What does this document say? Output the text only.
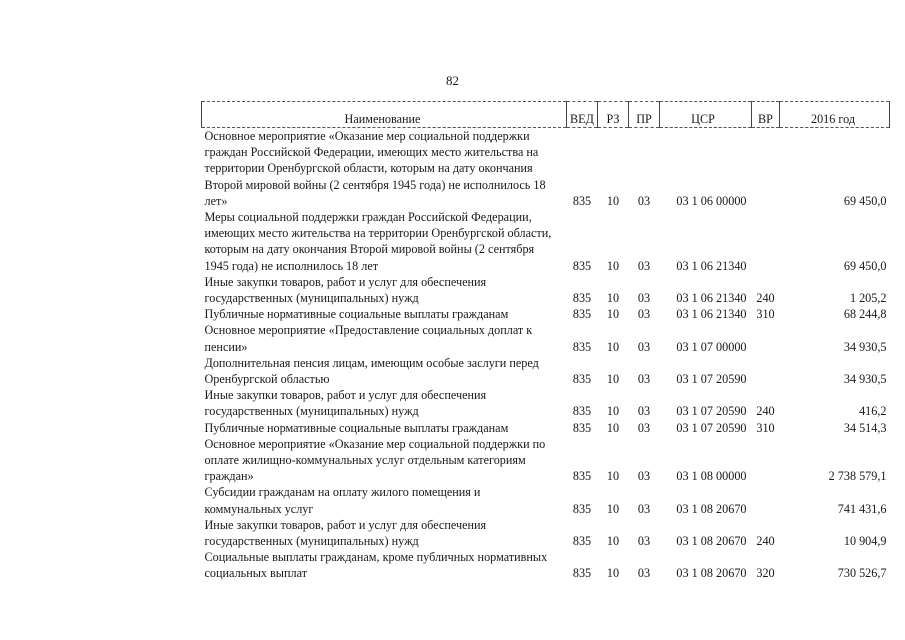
82
Наименование	ВЕД	РЗ	ПР	ЦСР	ВР	2016 год
Основное мероприятие «Оказание мер социальной поддержки граждан Российской Федерации, имеющих место жительства на территории Оренбургской области, которым на дату окончания Второй мировой войны (2 сентября 1945 года) не исполнилось 18 лет»	835	10	03	03 1 06 00000		69 450,0
Меры социальной поддержки граждан Российской Федерации, имеющих место жительства на территории Оренбургской области, которым на дату окончания Второй мировой войны (2 сентября 1945 года) не исполнилось 18 лет	835	10	03	03 1 06 21340		69 450,0
Иные закупки товаров, работ и услуг для обеспечения государственных (муниципальных) нужд	835	10	03	03 1 06 21340	240	1 205,2
Публичные нормативные социальные выплаты гражданам	835	10	03	03 1 06 21340	310	68 244,8
Основное мероприятие «Предоставление социальных доплат к пенсии»	835	10	03	03 1 07 00000		34 930,5
Дополнительная пенсия лицам, имеющим особые заслуги перед Оренбургской областью	835	10	03	03 1 07 20590		34 930,5
Иные закупки товаров, работ и услуг для обеспечения государственных (муниципальных) нужд	835	10	03	03 1 07 20590	240	416,2
Публичные нормативные социальные выплаты гражданам	835	10	03	03 1 07 20590	310	34 514,3
Основное мероприятие «Оказание мер социальной поддержки по оплате жилищно-коммунальных услуг отдельным категориям граждан»	835	10	03	03 1 08 00000		2 738 579,1
Субсидии гражданам на оплату жилого помещения и коммунальных услуг	835	10	03	03 1 08 20670		741 431,6
Иные закупки товаров, работ и услуг для обеспечения государственных (муниципальных) нужд	835	10	03	03 1 08 20670	240	10 904,9
Социальные выплаты гражданам, кроме публичных нормативных социальных выплат	835	10	03	03 1 08 20670	320	730 526,7
